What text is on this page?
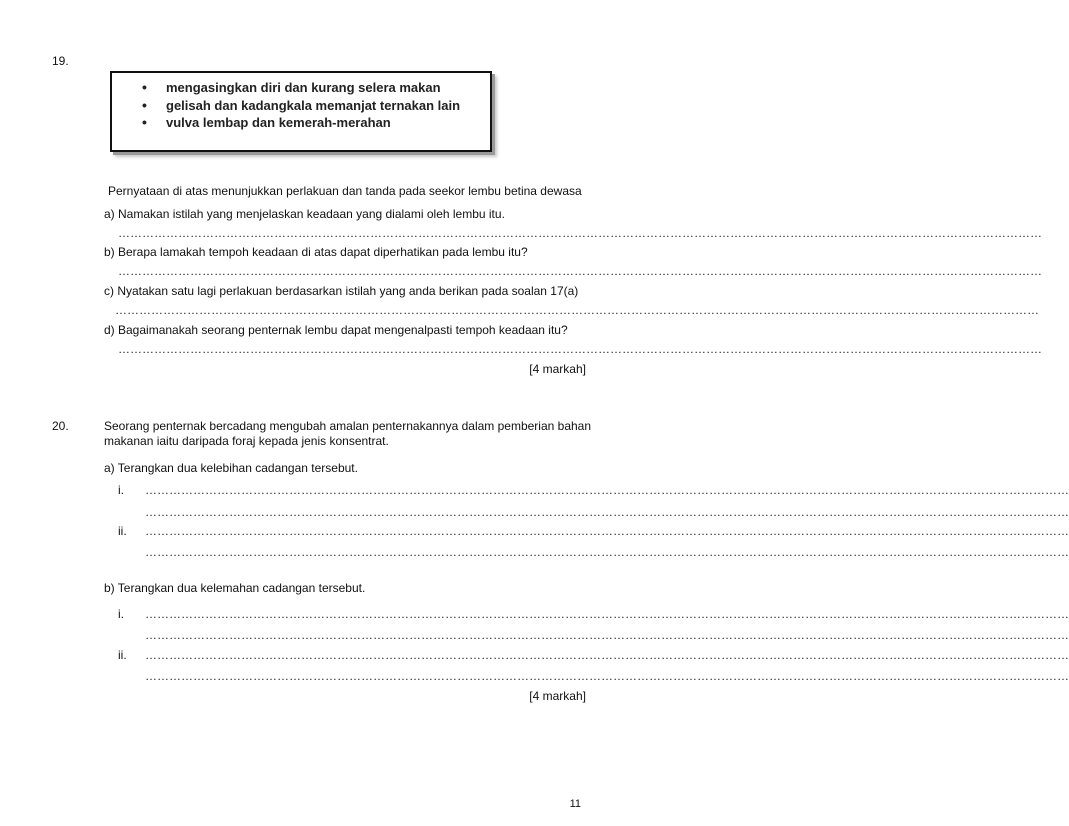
19.
• mengasingkan diri dan kurang selera makan
• gelisah dan kadangkala memanjat ternakan lain
• vulva lembap dan kemerah-merahan
Pernyataan di atas menunjukkan perlakuan dan tanda pada seekor lembu betina dewasa
a) Namakan istilah yang menjelaskan keadaan yang dialami oleh lembu itu.
……………………………………………………………………………………………………………………………………………………………………………………………………………
b) Berapa lamakah tempoh keadaan di atas dapat diperhatikan pada lembu itu?
……………………………………………………………………………………………………………………………………………………………………………………………………………
c) Nyatakan satu lagi perlakuan berdasarkan istilah yang anda berikan pada soalan 17(a)
……………………………………………………………………………………………………………………………………………………………………………………………………………
d) Bagaimanakah seorang penternak lembu dapat mengenalpasti tempoh keadaan itu?
……………………………………………………………………………………………………………………………………………………………………………………………………………
[4 markah]
20.	Seorang penternak bercadang mengubah amalan penternakannya dalam pemberian bahan
makanan iaitu daripada foraj kepada jenis konsentrat.
a) Terangkan dua kelebihan cadangan tersebut.
i. ……………………………………………………………………………………………………………………………………………………………………………………………………………
……………………………………………………………………………………………………………………………………………………………………………………………………………
ii. ……………………………………………………………………………………………………………………………………………………………………………………………………………
……………………………………………………………………………………………………………………………………………………………………………………………………………
b) Terangkan dua kelemahan cadangan tersebut.
i. ……………………………………………………………………………………………………………………………………………………………………………………………………………
……………………………………………………………………………………………………………………………………………………………………………………………………………
ii. ……………………………………………………………………………………………………………………………………………………………………………………………………………
……………………………………………………………………………………………………………………………………………………………………………………………………………
[4 markah]
11
